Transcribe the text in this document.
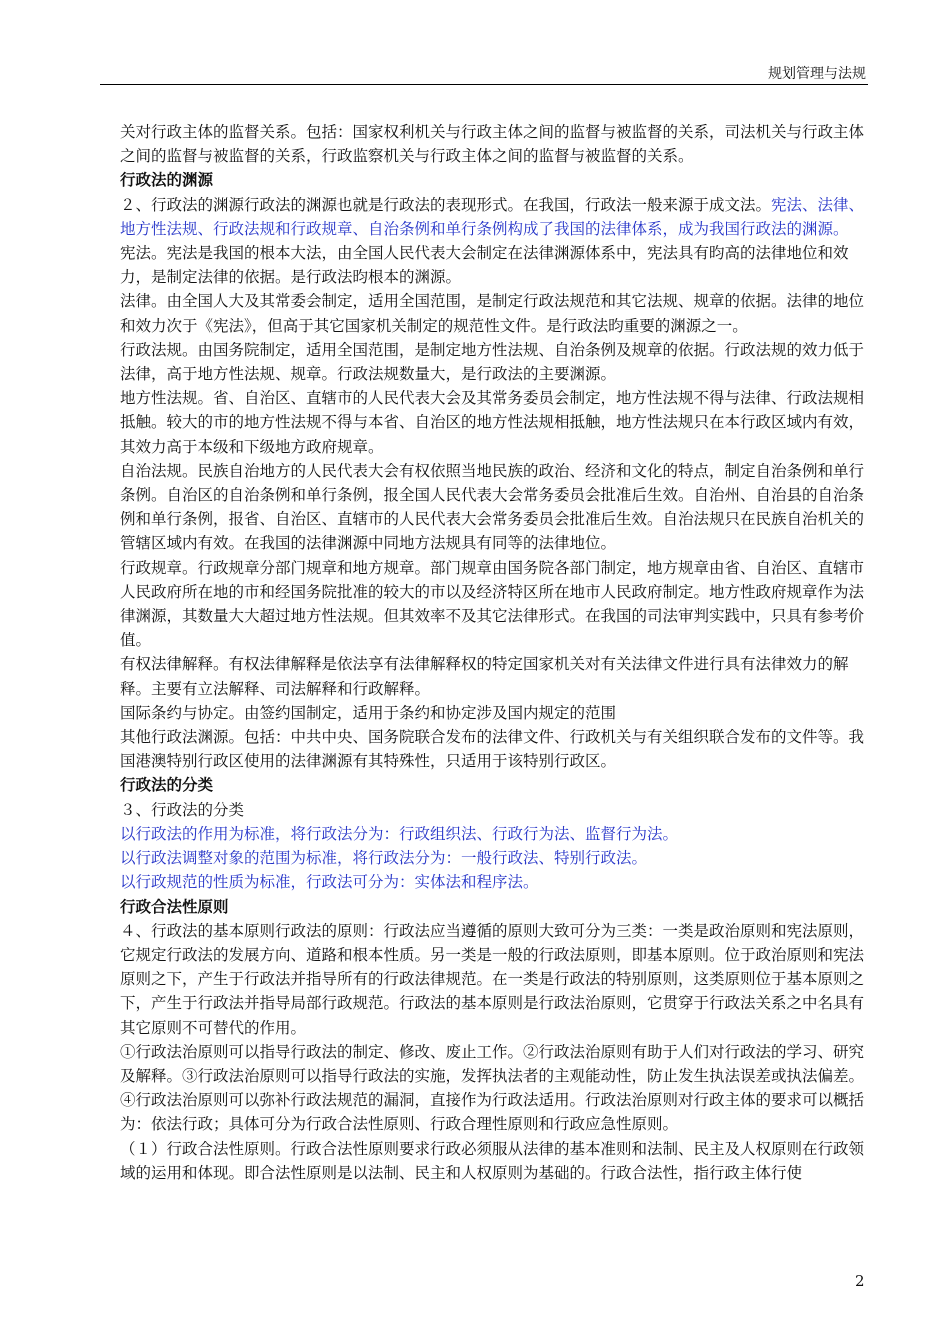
规划管理与法规

关对行政主体的监督关系。包括：国家权利机关与行政主体之间的监督与被监督的关系，司法机关与行政主体之间的监督与被监督的关系，行政监察机关与行政主体之间的监督与被监督的关系。

行政法的渊源

２、行政法的渊源行政法的渊源也就是行政法的表现形式。在我国，行政法一般来源于成文法。宪法、法律、地方性法规、行政法规和行政规章、自治条例和单行条例构成了我国的法律体系，成为我国行政法的渊源。

宪法。宪法是我国的根本大法，由全国人民代表大会制定在法律渊源体系中，宪法具有昀高的法律地位和效力，是制定法律的依据。是行政法昀根本的渊源。

法律。由全国人大及其常委会制定，适用全国范围，是制定行政法规范和其它法规、规章的依据。法律的地位和效力次于《宪法》，但高于其它国家机关制定的规范性文件。是行政法昀重要的渊源之一。

行政法规。由国务院制定，适用全国范围，是制定地方性法规、自治条例及规章的依据。行政法规的效力低于法律，高于地方性法规、规章。行政法规数量大，是行政法的主要渊源。

地方性法规。省、自治区、直辖市的人民代表大会及其常务委员会制定，地方性法规不得与法律、行政法规相抵触。较大的市的地方性法规不得与本省、自治区的地方性法规相抵触，地方性法规只在本行政区域内有效，其效力高于本级和下级地方政府规章。

自治法规。民族自治地方的人民代表大会有权依照当地民族的政治、经济和文化的特点，制定自治条例和单行条例。自治区的自治条例和单行条例，报全国人民代表大会常务委员会批准后生效。自治州、自治县的自治条例和单行条例，报省、自治区、直辖市的人民代表大会常务委员会批准后生效。自治法规只在民族自治机关的管辖区域内有效。在我国的法律渊源中同地方法规具有同等的法律地位。

行政规章。行政规章分部门规章和地方规章。部门规章由国务院各部门制定，地方规章由省、自治区、直辖市人民政府所在地的市和经国务院批准的较大的市以及经济特区所在地市人民政府制定。地方性政府规章作为法律渊源，其数量大大超过地方性法规。但其效率不及其它法律形式。在我国的司法审判实践中，只具有参考价值。

有权法律解释。有权法律解释是依法享有法律解释权的特定国家机关对有关法律文件进行具有法律效力的解释。主要有立法解释、司法解释和行政解释。

国际条约与协定。由签约国制定，适用于条约和协定涉及国内规定的范围

其他行政法渊源。包括：中共中央、国务院联合发布的法律文件、行政机关与有关组织联合发布的文件等。我国港澳特别行政区使用的法律渊源有其特殊性，只适用于该特别行政区。

行政法的分类

３、行政法的分类

以行政法的作用为标准，将行政法分为：行政组织法、行政行为法、监督行为法。

以行政法调整对象的范围为标准，将行政法分为：一般行政法、特别行政法。

以行政规范的性质为标准，行政法可分为：实体法和程序法。

行政合法性原则

４、行政法的基本原则行政法的原则：行政法应当遵循的原则大致可分为三类：一类是政治原则和宪法原则，它规定行政法的发展方向、道路和根本性质。另一类是一般的行政法原则，即基本原则。位于政治原则和宪法原则之下，产生于行政法并指导所有的行政法律规范。在一类是行政法的特别原则，这类原则位于基本原则之下，产生于行政法并指导局部行政规范。行政法的基本原则是行政法治原则，它贯穿于行政法关系之中名具有其它原则不可替代的作用。

①行政法治原则可以指导行政法的制定、修改、废止工作。②行政法治原则有助于人们对行政法的学习、研究及解释。③行政法治原则可以指导行政法的实施，发挥执法者的主观能动性，防止发生执法误差或执法偏差。④行政法治原则可以弥补行政法规范的漏洞，直接作为行政法适用。行政法治原则对行政主体的要求可以概括为：依法行政；具体可分为行政合法性原则、行政合理性原则和行政应急性原则。

（１）行政合法性原则。行政合法性原则要求行政必须服从法律的基本准则和法制、民主及人权原则在行政领域的运用和体现。即合法性原则是以法制、民主和人权原则为基础的。行政合法性，指行政主体行使

2
